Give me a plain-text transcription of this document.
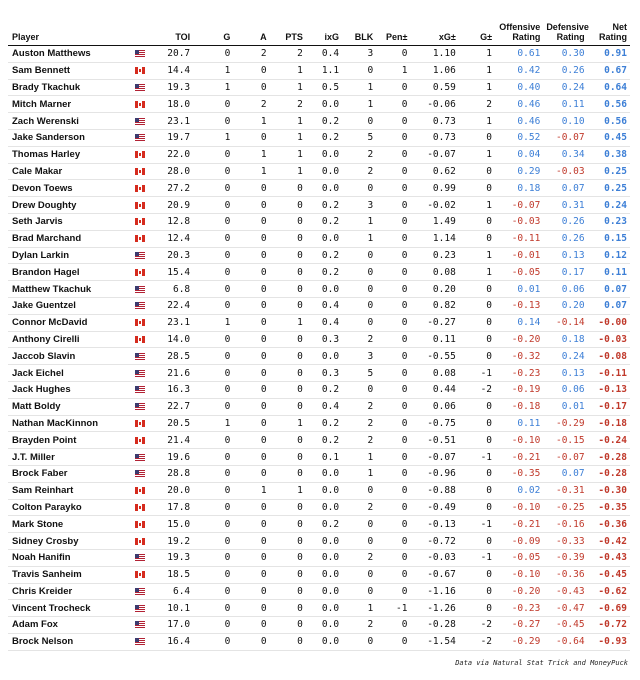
Player		TOI	G	A	PTS	ixG	BLK	Pen±	xG±	G±	Offensive Rating	Defensive Rating	Net Rating
Auston Matthews		20.7	0	2	2	0.4	3	0	1.10	1	0.61	0.30	0.91
Sam Bennett		14.4	1	0	1	1.1	0	1	1.06	1	0.42	0.26	0.67
Brady Tkachuk		19.3	1	0	1	0.5	1	0	0.59	1	0.40	0.24	0.64
Mitch Marner		18.0	0	2	2	0.0	1	0	-0.06	2	0.46	0.11	0.56
Zach Werenski		23.1	0	1	1	0.2	0	0	0.73	1	0.46	0.10	0.56
Jake Sanderson		19.7	1	0	1	0.2	5	0	0.73	0	0.52	-0.07	0.45
Thomas Harley		22.0	0	1	1	0.0	2	0	-0.07	1	0.04	0.34	0.38
Cale Makar		28.0	0	1	1	0.0	2	0	0.62	0	0.29	-0.03	0.25
Devon Toews		27.2	0	0	0	0.0	0	0	0.99	0	0.18	0.07	0.25
Drew Doughty		20.9	0	0	0	0.2	3	0	-0.02	1	-0.07	0.31	0.24
Seth Jarvis		12.8	0	0	0	0.2	1	0	1.49	0	-0.03	0.26	0.23
Brad Marchand		12.4	0	0	0	0.0	1	0	1.14	0	-0.11	0.26	0.15
Dylan Larkin		20.3	0	0	0	0.2	0	0	0.23	1	-0.01	0.13	0.12
Brandon Hagel		15.4	0	0	0	0.2	0	0	0.08	1	-0.05	0.17	0.11
Matthew Tkachuk		6.8	0	0	0	0.0	0	0	0.20	0	0.01	0.06	0.07
Jake Guentzel		22.4	0	0	0	0.4	0	0	0.82	0	-0.13	0.20	0.07
Connor McDavid		23.1	1	0	1	0.4	0	0	-0.27	0	0.14	-0.14	-0.00
Anthony Cirelli		14.0	0	0	0	0.3	2	0	0.11	0	-0.20	0.18	-0.03
Jaccob Slavin		28.5	0	0	0	0.0	3	0	-0.55	0	-0.32	0.24	-0.08
Jack Eichel		21.6	0	0	0	0.3	5	0	0.08	-1	-0.23	0.13	-0.11
Jack Hughes		16.3	0	0	0	0.2	0	0	0.44	-2	-0.19	0.06	-0.13
Matt Boldy		22.7	0	0	0	0.4	2	0	0.06	0	-0.18	0.01	-0.17
Nathan MacKinnon		20.5	1	0	1	0.2	2	0	-0.75	0	0.11	-0.29	-0.18
Brayden Point		21.4	0	0	0	0.2	2	0	-0.51	0	-0.10	-0.15	-0.24
J.T. Miller		19.6	0	0	0	0.1	1	0	-0.07	-1	-0.21	-0.07	-0.28
Brock Faber		28.8	0	0	0	0.0	1	0	-0.96	0	-0.35	0.07	-0.28
Sam Reinhart		20.0	0	1	1	0.0	0	0	-0.88	0	0.02	-0.31	-0.30
Colton Parayko		17.8	0	0	0	0.0	2	0	-0.49	0	-0.10	-0.25	-0.35
Mark Stone		15.0	0	0	0	0.2	0	0	-0.13	-1	-0.21	-0.16	-0.36
Sidney Crosby		19.2	0	0	0	0.0	0	0	-0.72	0	-0.09	-0.33	-0.42
Noah Hanifin		19.3	0	0	0	0.0	2	0	-0.03	-1	-0.05	-0.39	-0.43
Travis Sanheim		18.5	0	0	0	0.0	0	0	-0.67	0	-0.10	-0.36	-0.45
Chris Kreider		6.4	0	0	0	0.0	0	0	-1.16	0	-0.20	-0.43	-0.62
Vincent Trocheck		10.1	0	0	0	0.0	1	-1	-1.26	0	-0.23	-0.47	-0.69
Adam Fox		17.0	0	0	0	0.0	2	0	-0.28	-2	-0.27	-0.45	-0.72
Brock Nelson		16.4	0	0	0	0.0	0	0	-1.54	-2	-0.29	-0.64	-0.93
Data via Natural Stat Trick and MoneyPuck
